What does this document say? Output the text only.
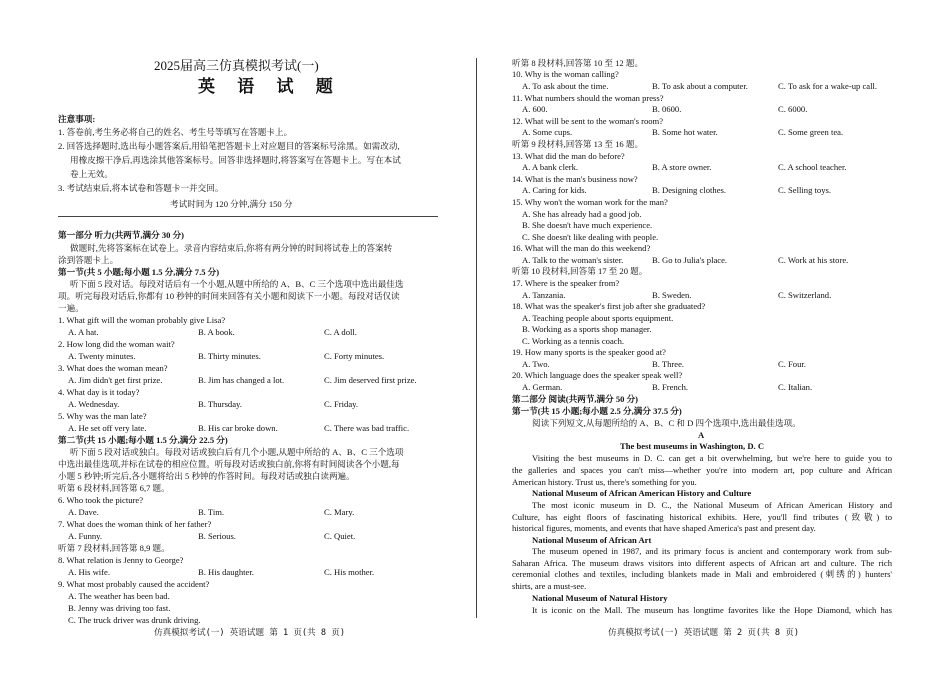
2025届高三仿真模拟考试(一)
英 语 试 题
注意事项:
1. 答卷前,考生务必将自己的姓名、考生号等填写在答题卡上。
2. 回答选择题时,选出每小题答案后,用铅笔把答题卡上对应题目的答案标号涂黑。如需改动,
用橡皮擦干净后,再选涂其他答案标号。回答非选择题时,将答案写在答题卡上。写在本试
卷上无效。
3. 考试结束后,将本试卷和答题卡一并交回。
考试时间为 120 分钟,满分 150 分
第一部分 听力(共两节,满分 30 分)
做题时,先将答案标在试卷上。录音内容结束后,你将有两分钟的时间将试卷上的答案转
涂到答题卡上。
第一节(共 5 小题;每小题 1.5 分,满分 7.5 分)
听下面 5 段对话。每段对话后有一个小题,从题中所给的 A、B、C 三个选项中选出最佳选
项。听完每段对话后,你都有 10 秒钟的时间来回答有关小题和阅读下一小题。每段对话仅读
一遍。
1. What gift will the woman probably give Lisa?
A. A hat.	B. A book.	C. A doll.
2. How long did the woman wait?
A. Twenty minutes.	B. Thirty minutes.	C. Forty minutes.
3. What does the woman mean?
A. Jim didn't get first prize.	B. Jim has changed a lot.	C. Jim deserved first prize.
4. What day is it today?
A. Wednesday.	B. Thursday.	C. Friday.
5. Why was the man late?
A. He set off very late.	B. His car broke down.	C. There was bad traffic.
第二节(共 15 小题;每小题 1.5 分,满分 22.5 分)
听下面 5 段对话或独白。每段对话或独白后有几个小题,从题中所给的 A、B、C 三个选项
中选出最佳选项,并标在试卷的相应位置。听每段对话或独白前,你将有时间阅读各个小题,每
小题 5 秒钟;听完后,各小题将给出 5 秒钟的作答时间。每段对话或独白读两遍。
听第 6 段材料,回答第 6,7 题。
6. Who took the picture?
A. Dave.	B. Tim.	C. Mary.
7. What does the woman think of her father?
A. Funny.	B. Serious.	C. Quiet.
听第 7 段材料,回答第 8,9 题。
8. What relation is Jenny to George?
A. His wife.	B. His daughter.	C. His mother.
9. What most probably caused the accident?
A. The weather has been bad.
B. Jenny was driving too fast.
C. The truck driver was drunk driving.
仿真模拟考试(一) 英语试题 第 1 页(共 8 页)
听第 8 段材料,回答第 10 至 12 题。
10. Why is the woman calling?
A. To ask about the time.	B. To ask about a computer.	C. To ask for a wake-up call.
11. What numbers should the woman press?
A. 600.	B. 0600.	C. 6000.
12. What will be sent to the woman's room?
A. Some cups.	B. Some hot water.	C. Some green tea.
听第 9 段材料,回答第 13 至 16 题。
13. What did the man do before?
A. A bank clerk.	B. A store owner.	C. A school teacher.
14. What is the man's business now?
A. Caring for kids.	B. Designing clothes.	C. Selling toys.
15. Why won't the woman work for the man?
A. She has already had a good job.
B. She doesn't have much experience.
C. She doesn't like dealing with people.
16. What will the man do this weekend?
A. Talk to the woman's sister.	B. Go to Julia's place.	C. Work at his store.
听第 10 段材料,回答第 17 至 20 题。
17. Where is the speaker from?
A. Tanzania.	B. Sweden.	C. Switzerland.
18. What was the speaker's first job after she graduated?
A. Teaching people about sports equipment.
B. Working as a sports shop manager.
C. Working as a tennis coach.
19. How many sports is the speaker good at?
A. Two.	B. Three.	C. Four.
20. Which language does the speaker speak well?
A. German.	B. French.	C. Italian.
第二部分 阅读(共两节,满分 50 分)
第一节(共 15 小题;每小题 2.5 分,满分 37.5 分)
阅读下列短文,从每题所给的 A、B、C 和 D 四个选项中,选出最佳选项。
A
The best museums in Washington, D. C
Visiting the best museums in D. C. can get a bit overwhelming, but we're here to guide you to
the galleries and spaces you can't miss—whether you're into modern art, pop culture and African
American history. Trust us, there's something for you.
National Museum of African American History and Culture
The most iconic museum in D. C., the National Museum of African American History and
Culture, has eight floors of fascinating historical exhibits. Here, you'll find tributes (致敬) to
historical figures, moments, and events that have shaped America's past and present day.
National Museum of African Art
The museum opened in 1987, and its primary focus is ancient and contemporary work from sub-
Saharan Africa. The museum draws visitors into different aspects of African art and culture. The rich
ceremonial clothes and textiles, including blankets made in Mali and embroidered (刺绣的) hunters'
shirts, are a must-see.
National Museum of Natural History
It is iconic on the Mall. The museum has longtime favorites like the Hope Diamond, which has
仿真模拟考试(一) 英语试题 第 2 页(共 8 页)
